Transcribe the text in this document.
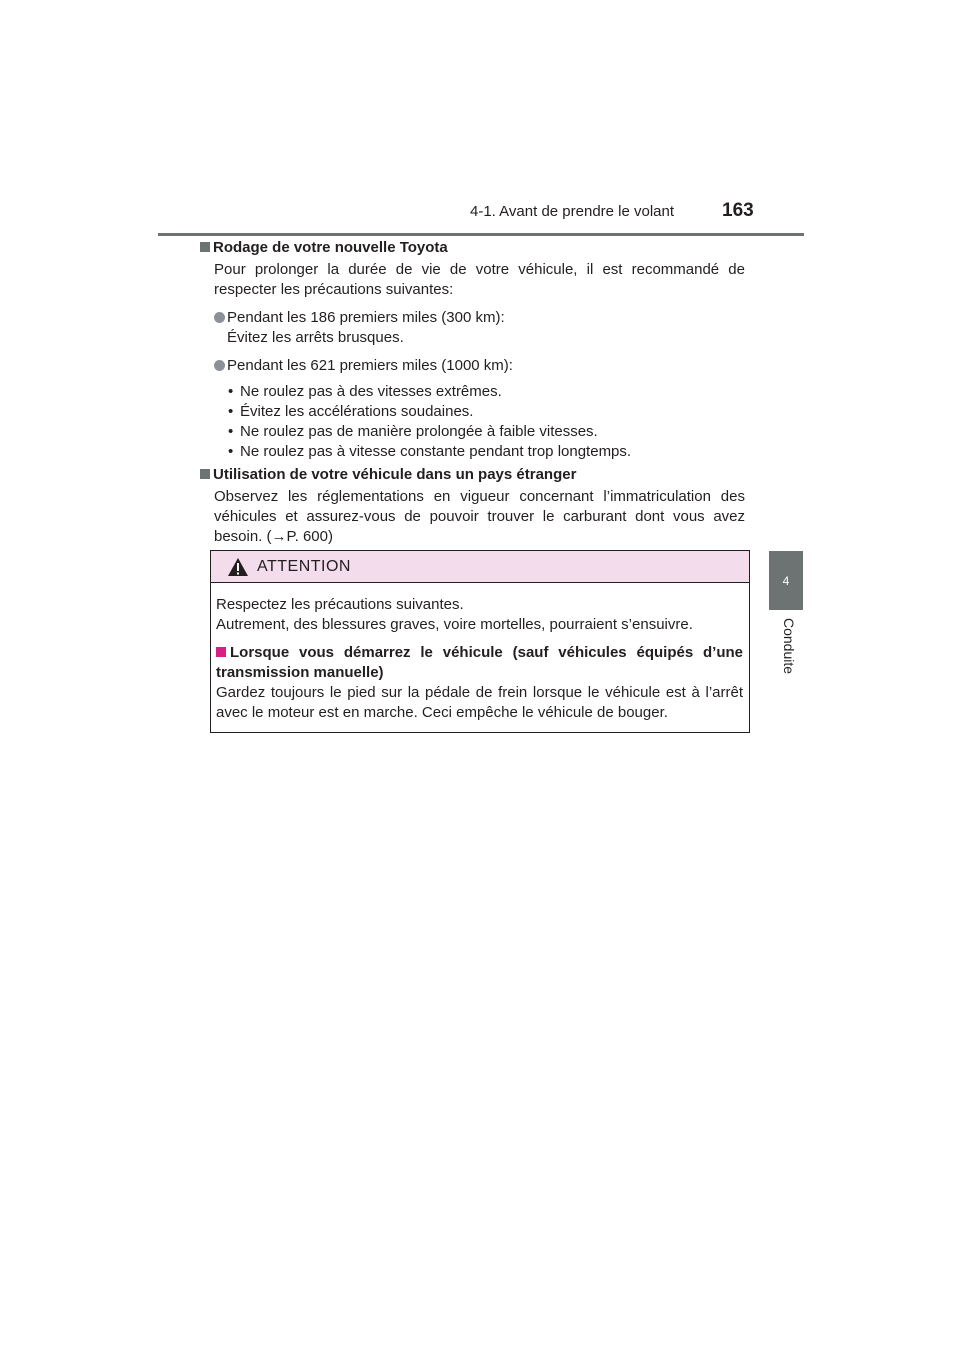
4-1. Avant de prendre le volant	163
4
Conduite
Rodage de votre nouvelle Toyota

Pour prolonger la durée de vie de votre véhicule, il est recommandé de respecter les précautions suivantes:

Pendant les 186 premiers miles (300 km):
Évitez les arrêts brusques.
Pendant les 621 premiers miles (1000 km):
• Ne roulez pas à des vitesses extrêmes.
• Évitez les accélérations soudaines.
• Ne roulez pas de manière prolongée à faible vitesses.
• Ne roulez pas à vitesse constante pendant trop longtemps.
Utilisation de votre véhicule dans un pays étranger

Observez les réglementations en vigueur concernant l’immatriculation des véhicules et assurez-vous de pouvoir trouver le carburant dont vous avez besoin. (→P. 600)

ATTENTION

Respectez les précautions suivantes.

Autrement, des blessures graves, voire mortelles, pourraient s’ensuivre.

Lorsque vous démarrez le véhicule (sauf véhicules équipés d’une transmission manuelle)

Gardez toujours le pied sur la pédale de frein lorsque le véhicule est à l’arrêt avec le moteur est en marche. Ceci empêche le véhicule de bouger.
